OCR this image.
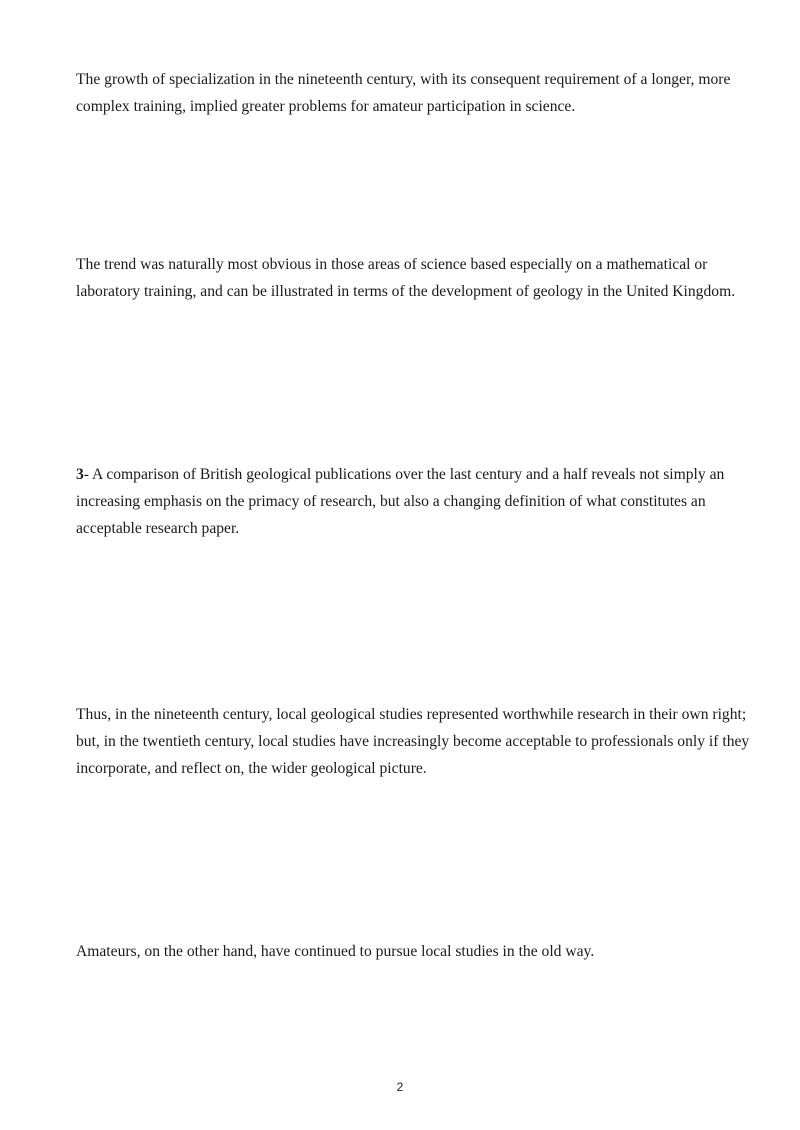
The growth of specialization in the nineteenth century, with its consequent requirement of a longer, more complex training, implied greater problems for amateur participation in science.

The trend was naturally most obvious in those areas of science based especially on a mathematical or laboratory training, and can be illustrated in terms of the development of geology in the United Kingdom.

3- A comparison of British geological publications over the last century and a half reveals not simply an increasing emphasis on the primacy of research, but also a changing definition of what constitutes an acceptable research paper.

Thus, in the nineteenth century, local geological studies represented worthwhile research in their own right; but, in the twentieth century, local studies have increasingly become acceptable to professionals only if they incorporate, and reflect on, the wider geological picture.

Amateurs, on the other hand, have continued to pursue local studies in the old way.

2
